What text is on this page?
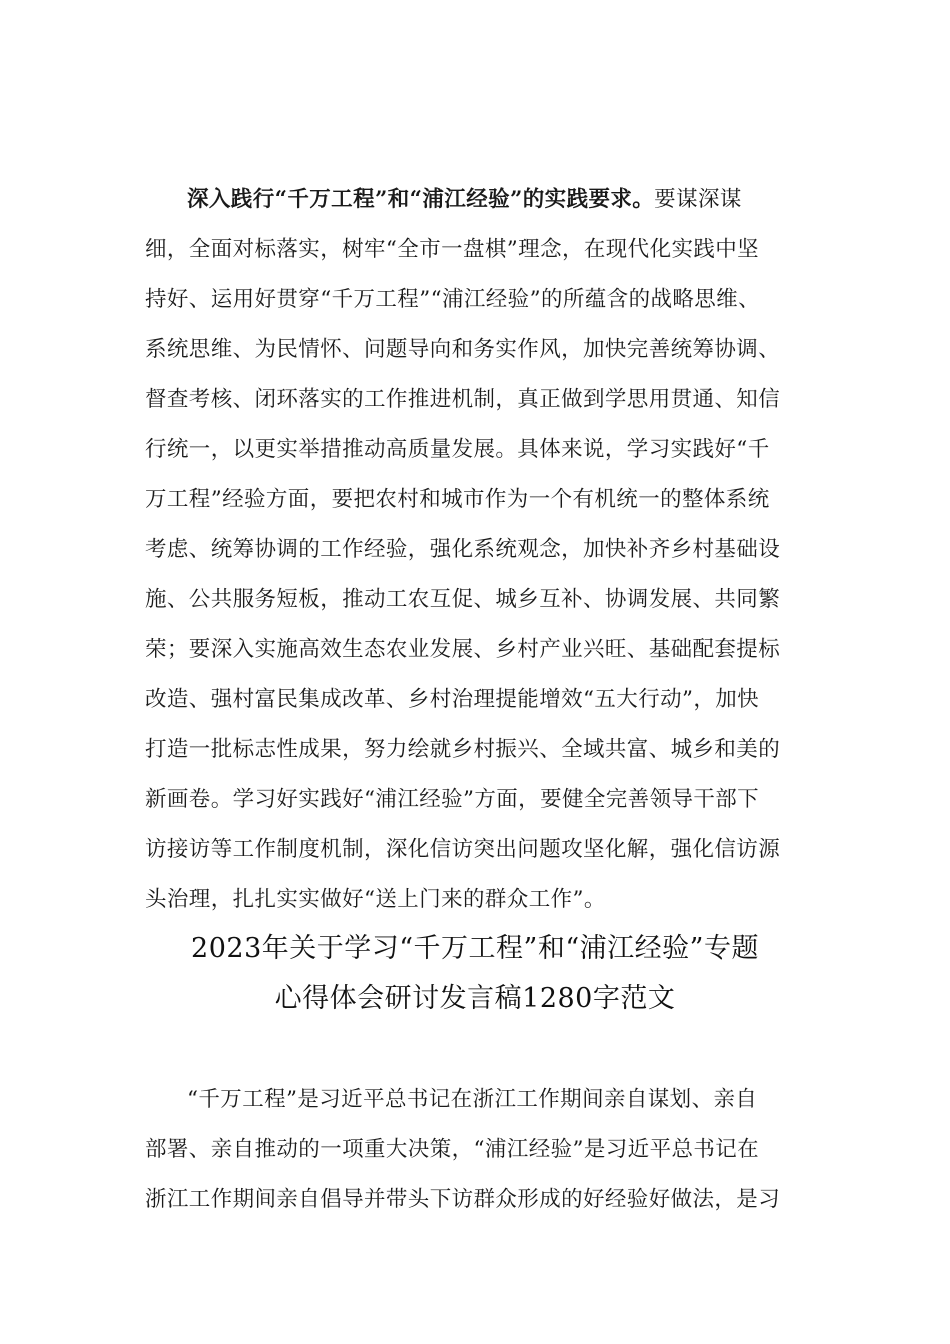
深入践行“千万工程”和“浦江经验”的实践要求。要谋深谋
细，全面对标落实，树牢“全市一盘棋”理念，在现代化实践中坚
持好、运用好贯穿“千万工程”“浦江经验”的所蕴含的战略思维、
系统思维、为民情怀、问题导向和务实作风，加快完善统筹协调、
督查考核、闭环落实的工作推进机制，真正做到学思用贯通、知信
行统一，以更实举措推动高质量发展。具体来说，学习实践好“千
万工程”经验方面，要把农村和城市作为一个有机统一的整体系统
考虑、统筹协调的工作经验，强化系统观念，加快补齐乡村基础设
施、公共服务短板，推动工农互促、城乡互补、协调发展、共同繁
荣；要深入实施高效生态农业发展、乡村产业兴旺、基础配套提标
改造、强村富民集成改革、乡村治理提能增效“五大行动”，加快
打造一批标志性成果，努力绘就乡村振兴、全域共富、城乡和美的
新画卷。学习好实践好“浦江经验”方面，要健全完善领导干部下
访接访等工作制度机制，深化信访突出问题攻坚化解，强化信访源
头治理，扎扎实实做好“送上门来的群众工作”。
2023年关于学习“千万工程”和“浦江经验”专题
心得体会研讨发言稿1280字范文
“千万工程”是习近平总书记在浙江工作期间亲自谋划、亲自
部署、亲自推动的一项重大决策，“浦江经验”是习近平总书记在
浙江工作期间亲自倡导并带头下访群众形成的好经验好做法，是习
